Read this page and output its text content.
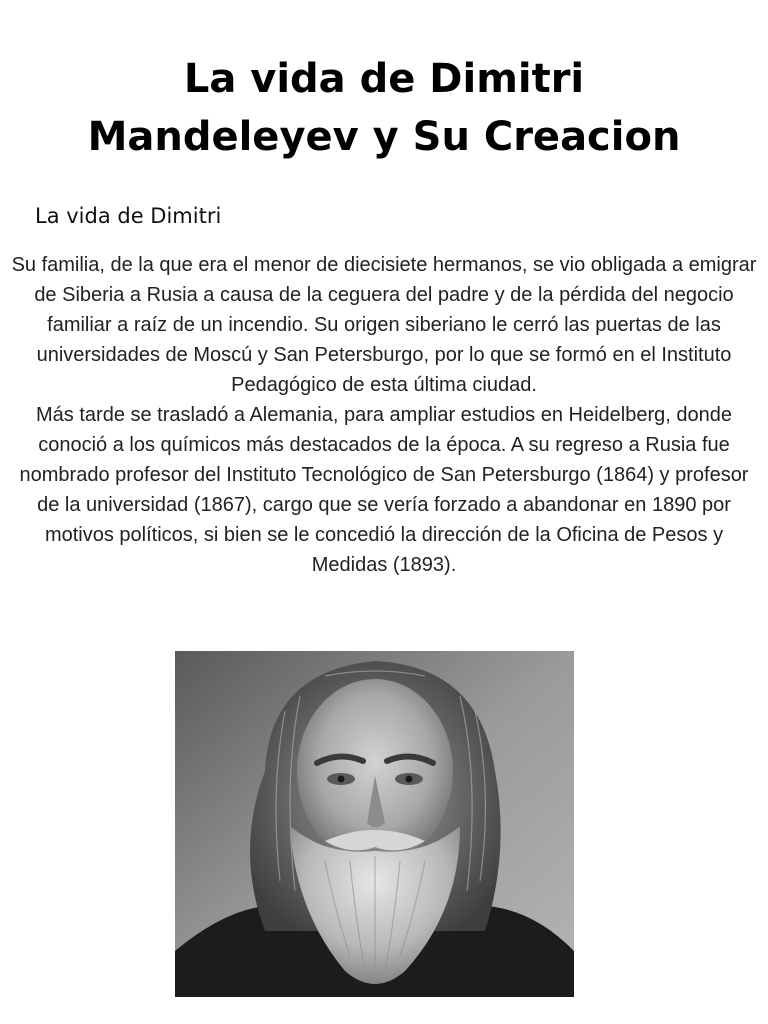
La vida de Dimitri
Mandeleyev y Su Creacion
La vida de Dimitri

Su familia, de la que era el menor de diecisiete hermanos, se vio obligada a emigrar de Siberia a Rusia a causa de la ceguera del padre y de la pérdida del negocio familiar a raíz de un incendio. Su origen siberiano le cerró las puertas de las universidades de Moscú y San Petersburgo, por lo que se formó en el Instituto Pedagógico de esta última ciudad.

Más tarde se trasladó a Alemania, para ampliar estudios en Heidelberg, donde conoció a los químicos más destacados de la época. A su regreso a Rusia fue nombrado profesor del Instituto Tecnológico de San Petersburgo (1864) y profesor de la universidad (1867), cargo que se vería forzado a abandonar en 1890 por motivos políticos, si bien se le concedió la dirección de la Oficina de Pesos y Medidas (1893).
